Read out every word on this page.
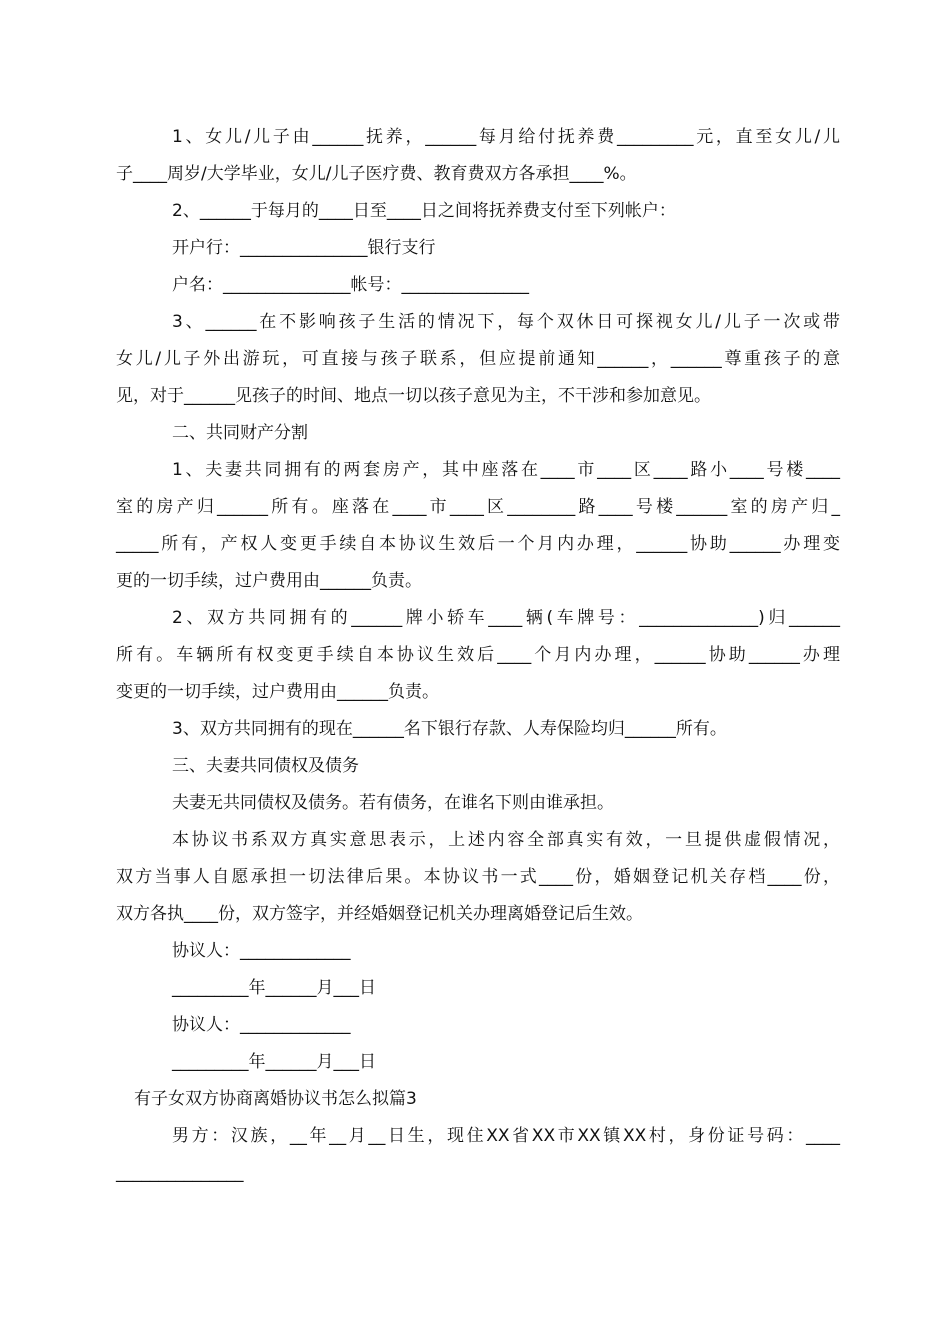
1、女儿/儿子由______抚养，______每月给付抚养费_________元，直至女儿/儿

子____周岁/大学毕业，女儿/儿子医疗费、教育费双方各承担____%。

2、______于每月的____日至____日之间将抚养费支付至下列帐户：

开户行：_______________银行支行

户名：_______________帐号：_______________

3、______在不影响孩子生活的情况下，每个双休日可探视女儿/儿子一次或带

女儿/儿子外出游玩，可直接与孩子联系，但应提前通知______，______尊重孩子的意

见，对于______见孩子的时间、地点一切以孩子意见为主，不干涉和参加意见。

二、共同财产分割

1、夫妻共同拥有的两套房产，其中座落在____市____区____路小____号楼____

室的房产归______所有。座落在____市____区________路____号楼______室的房产归_

_____所有，产权人变更手续自本协议生效后一个月内办理，______协助______办理变

更的一切手续，过户费用由______负责。

2、双方共同拥有的______牌小轿车____辆(车牌号：______________)归______

所有。车辆所有权变更手续自本协议生效后____个月内办理，______协助______办理

变更的一切手续，过户费用由______负责。

3、双方共同拥有的现在______名下银行存款、人寿保险均归______所有。

三、夫妻共同债权及债务

夫妻无共同债权及债务。若有债务，在谁名下则由谁承担。

本协议书系双方真实意思表示，上述内容全部真实有效，一旦提供虚假情况，

双方当事人自愿承担一切法律后果。本协议书一式____份，婚姻登记机关存档____份，

双方各执____份，双方签字，并经婚姻登记机关办理离婚登记后生效。

协议人：_____________

_________年______月___日

协议人：_____________

_________年______月___日

有子女双方协商离婚协议书怎么拟篇3

男方：汉族，__年__月__日生，现住XX省XX市XX镇XX村，身份证号码：____

_______________
